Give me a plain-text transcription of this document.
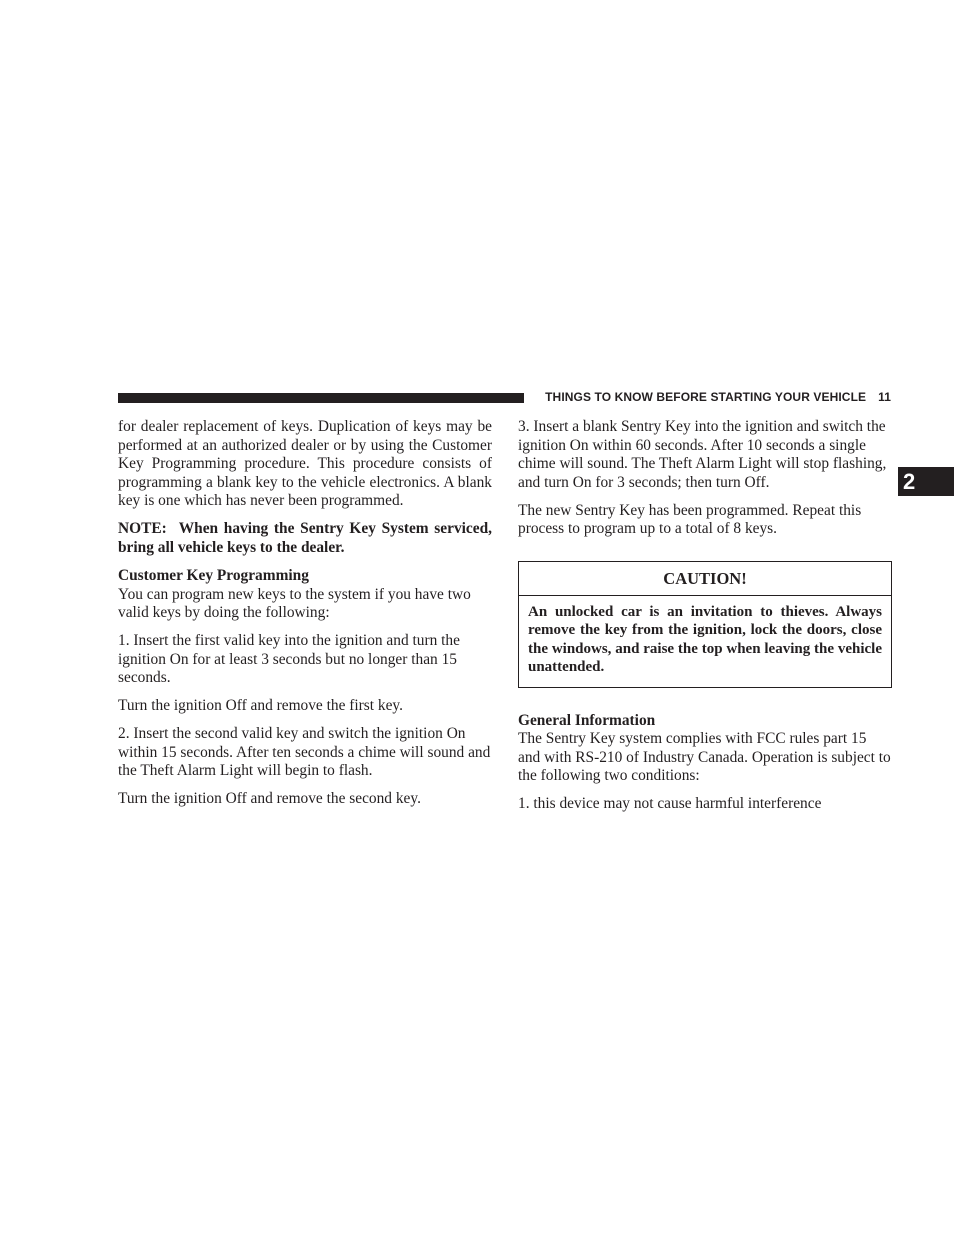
THINGS TO KNOW BEFORE STARTING YOUR VEHICLE 11
2

for dealer replacement of keys. Duplication of keys may be performed at an authorized dealer or by using the Customer Key Programming procedure. This procedure consists of programming a blank key to the vehicle electronics. A blank key is one which has never been programmed.

NOTE: When having the Sentry Key System serviced, bring all vehicle keys to the dealer.

Customer Key Programming

You can program new keys to the system if you have two valid keys by doing the following:

1. Insert the first valid key into the ignition and turn the ignition On for at least 3 seconds but no longer than 15 seconds.

Turn the ignition Off and remove the first key.

2. Insert the second valid key and switch the ignition On within 15 seconds. After ten seconds a chime will sound and the Theft Alarm Light will begin to flash.

Turn the ignition Off and remove the second key.

3. Insert a blank Sentry Key into the ignition and switch the ignition On within 60 seconds. After 10 seconds a single chime will sound. The Theft Alarm Light will stop flashing, and turn On for 3 seconds; then turn Off.

The new Sentry Key has been programmed. Repeat this process to program up to a total of 8 keys.

CAUTION!
An unlocked car is an invitation to thieves. Always remove the key from the ignition, lock the doors, close the windows, and raise the top when leaving the vehicle unattended.

General Information

The Sentry Key system complies with FCC rules part 15 and with RS-210 of Industry Canada. Operation is subject to the following two conditions:

1. this device may not cause harmful interference
